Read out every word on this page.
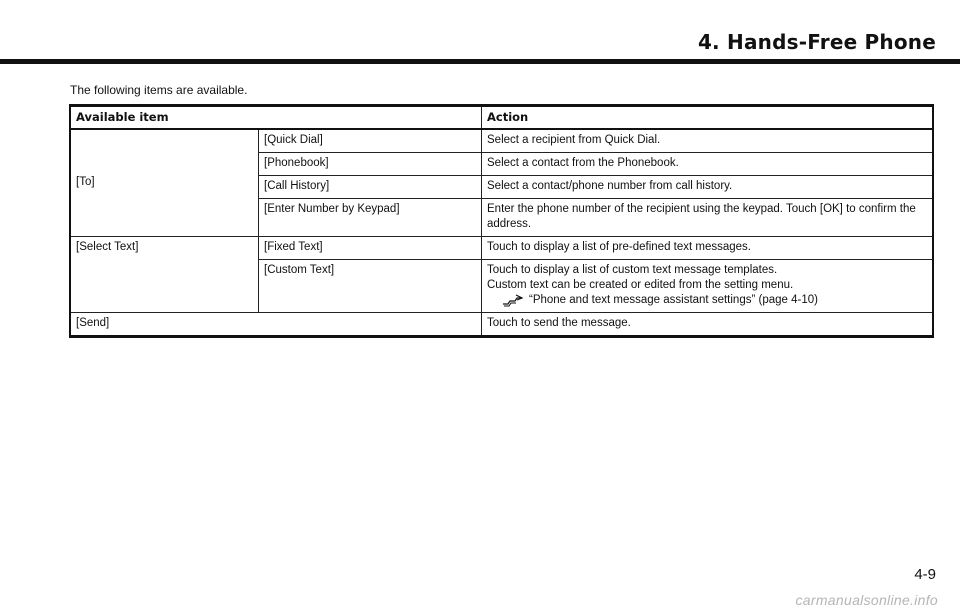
4. Hands-Free Phone
The following items are available.
Available item		Action
[To]	[Quick Dial]	Select a recipient from Quick Dial.
	[Phonebook]	Select a contact from the Phonebook.
	[Call History]	Select a contact/phone number from call history.
	[Enter Number by Keypad]	Enter the phone number of the recipient using the keypad. Touch [OK] to confirm the address.
[Select Text]	[Fixed Text]	Touch to display a list of pre-defined text messages.
	[Custom Text]	Touch to display a list of custom text message templates.
Custom text can be created or edited from the setting menu.
“Phone and text message assistant settings” (page 4-10)

[Send]		Touch to send the message.
4-9
carmanualsonline.info
